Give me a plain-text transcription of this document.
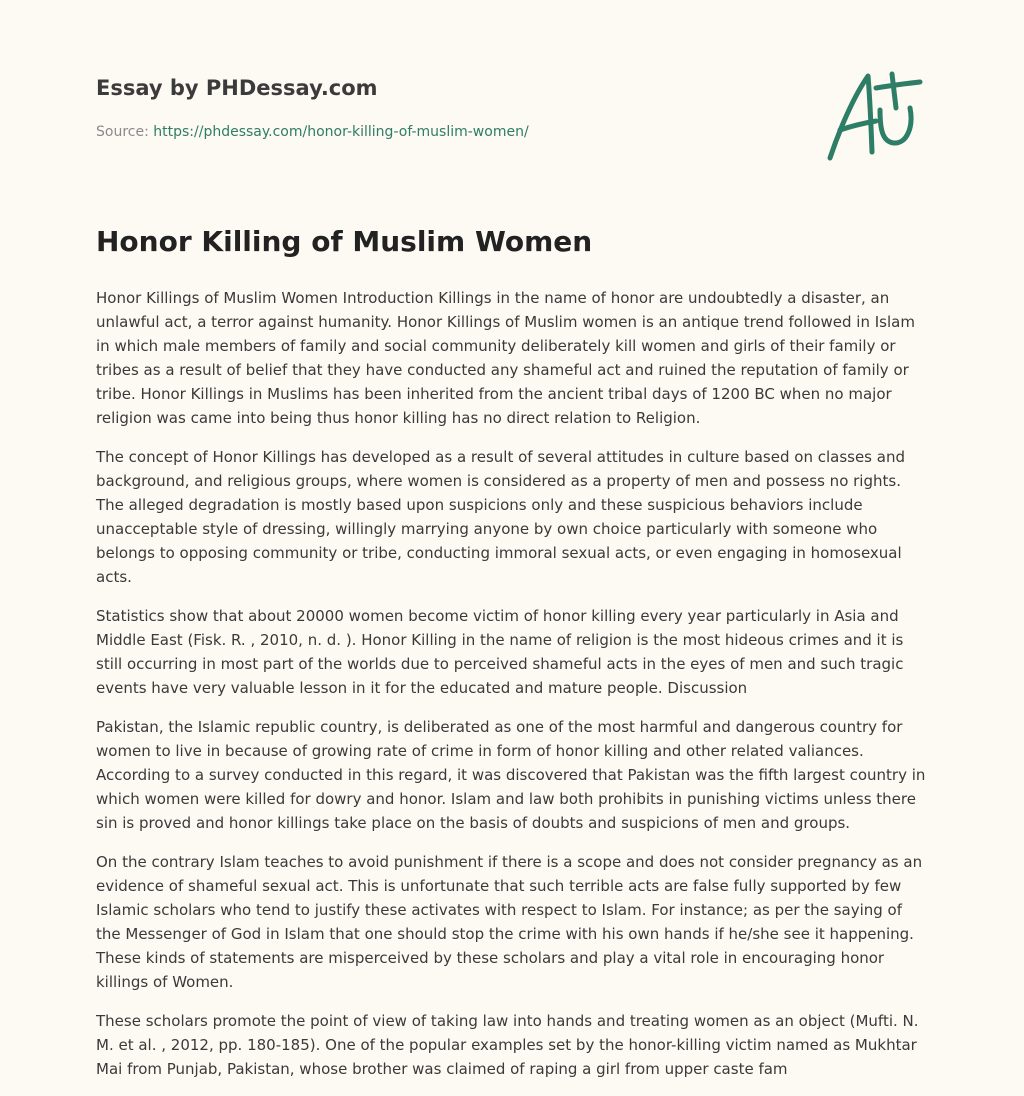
Essay by PHDessay.com
Source: https://phdessay.com/honor-killing-of-muslim-women/
Honor Killing of Muslim Women

Honor Killings of Muslim Women Introduction Killings in the name of honor are undoubtedly a disaster, an unlawful act, a terror against humanity. Honor Killings of Muslim women is an antique trend followed in Islam in which male members of family and social community deliberately kill women and girls of their family or tribes as a result of belief that they have conducted any shameful act and ruined the reputation of family or tribe. Honor Killings in Muslims has been inherited from the ancient tribal days of 1200 BC when no major religion was came into being thus honor killing has no direct relation to Religion.

The concept of Honor Killings has developed as a result of several attitudes in culture based on classes and background, and religious groups, where women is considered as a property of men and possess no rights. The alleged degradation is mostly based upon suspicions only and these suspicious behaviors include unacceptable style of dressing, willingly marrying anyone by own choice particularly with someone who belongs to opposing community or tribe, conducting immoral sexual acts, or even engaging in homosexual acts.

Statistics show that about 20000 women become victim of honor killing every year particularly in Asia and Middle East (Fisk. R. , 2010, n. d. ). Honor Killing in the name of religion is the most hideous crimes and it is still occurring in most part of the worlds due to perceived shameful acts in the eyes of men and such tragic events have very valuable lesson in it for the educated and mature people. Discussion

Pakistan, the Islamic republic country, is deliberated as one of the most harmful and dangerous country for women to live in because of growing rate of crime in form of honor killing and other related valiances. According to a survey conducted in this regard, it was discovered that Pakistan was the fifth largest country in which women were killed for dowry and honor. Islam and law both prohibits in punishing victims unless there sin is proved and honor killings take place on the basis of doubts and suspicions of men and groups.

On the contrary Islam teaches to avoid punishment if there is a scope and does not consider pregnancy as an evidence of shameful sexual act. This is unfortunate that such terrible acts are false fully supported by few Islamic scholars who tend to justify these activates with respect to Islam. For instance; as per the saying of the Messenger of God in Islam that one should stop the crime with his own hands if he/she see it happening. These kinds of statements are misperceived by these scholars and play a vital role in encouraging honor killings of Women.

These scholars promote the point of view of taking law into hands and treating women as an object (Mufti. N. M. et al. , 2012, pp. 180-185). One of the popular examples set by the honor-killing victim named as Mukhtar Mai from Punjab, Pakistan, whose brother was claimed of raping a girl from upper caste fam
